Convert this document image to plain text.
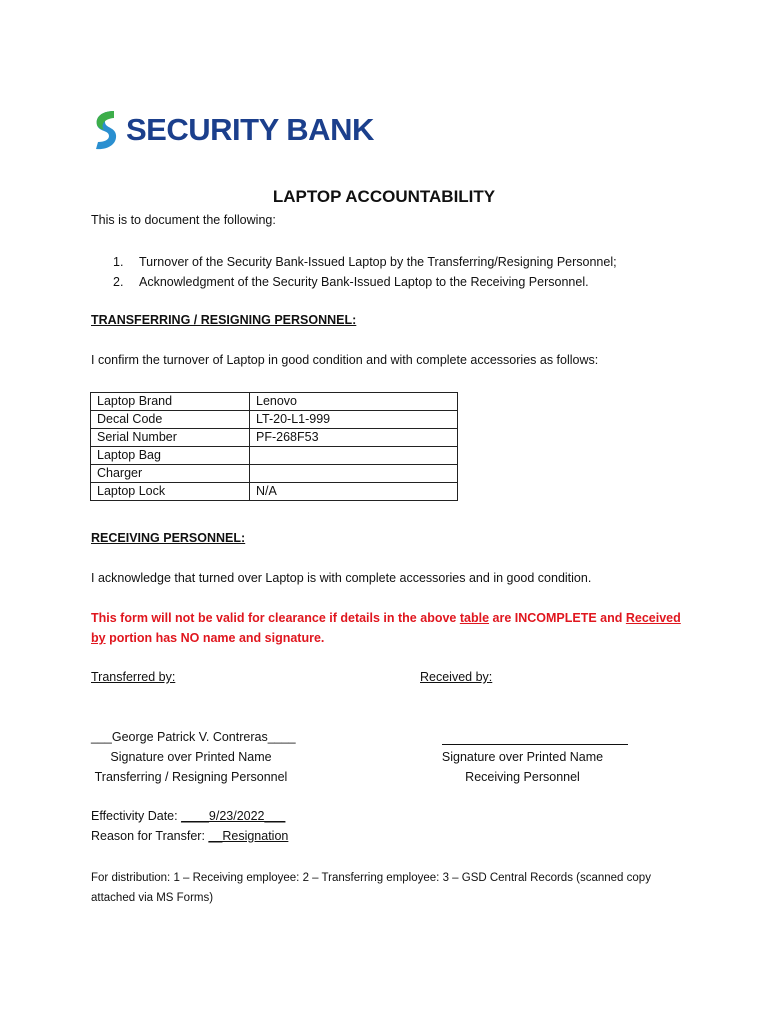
SECURITY BANK
LAPTOP ACCOUNTABILITY
This is to document the following:
1. Turnover of the Security Bank-Issued Laptop by the Transferring/Resigning Personnel;
2. Acknowledgment of the Security Bank-Issued Laptop to the Receiving Personnel.
TRANSFERRING / RESIGNING PERSONNEL:
I confirm the turnover of Laptop in good condition and with complete accessories as follows:
Laptop Brand	Lenovo
Decal Code	LT-20-L1-999
Serial Number	PF-268F53
Laptop Bag	
Charger	
Laptop Lock	N/A
RECEIVING PERSONNEL:
I acknowledge that turned over Laptop is with complete accessories and in good condition.
This form will not be valid for clearance if details in the above table are INCOMPLETE and Received by portion has NO name and signature.
Transferred by:	Received by:
___George Patrick V. Contreras____
Signature over Printed Name
Transferring / Resigning Personnel
Signature over Printed Name
Receiving Personnel
Effectivity Date: ____9/23/2022___
Reason for Transfer: __Resignation
For distribution: 1 – Receiving employee: 2 – Transferring employee: 3 – GSD Central Records (scanned copy attached via MS Forms)
